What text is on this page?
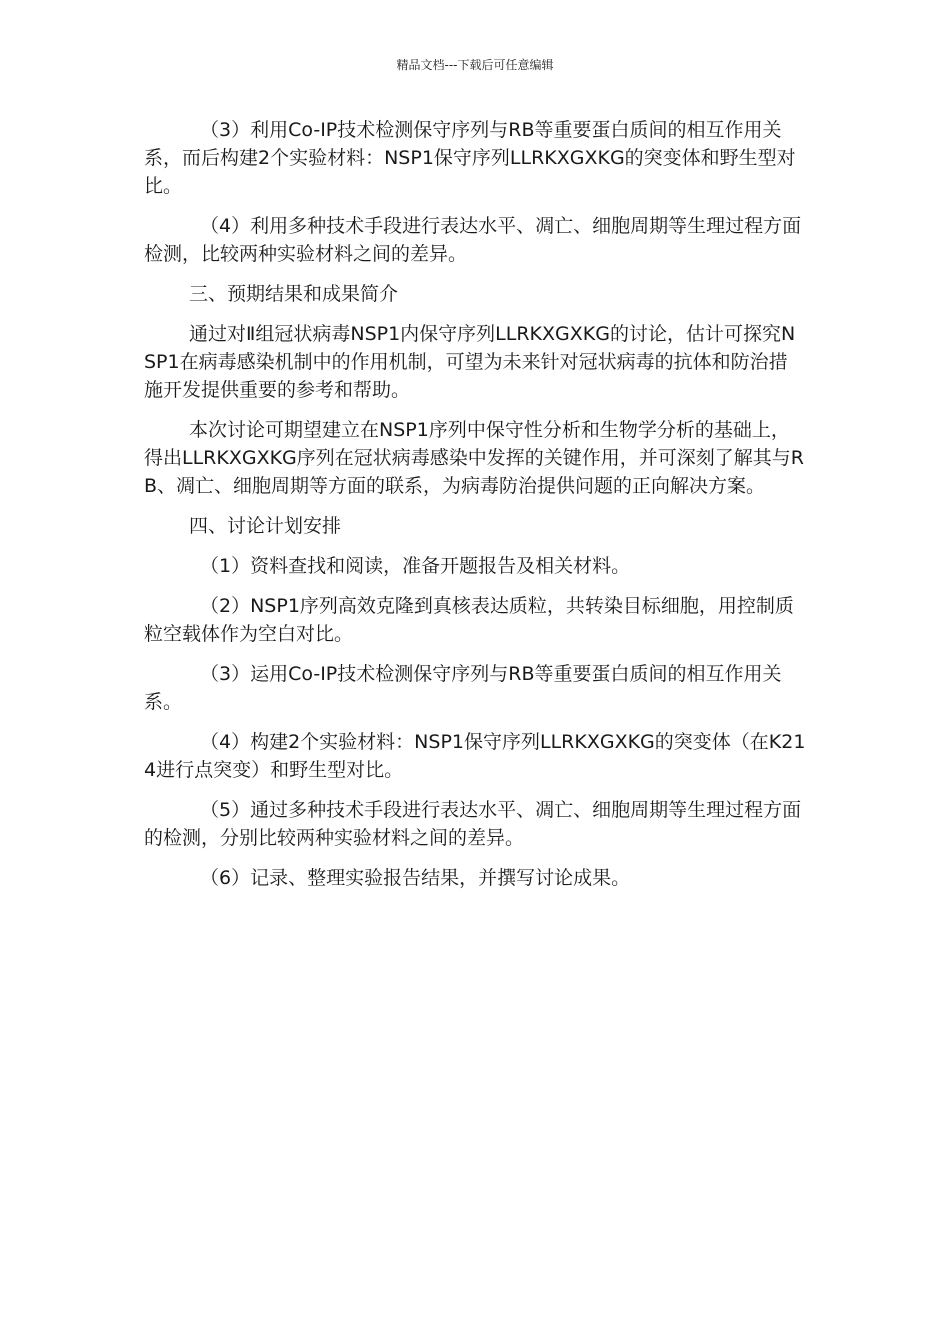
精品文档---下载后可任意编辑

（3）利用Co-IP技术检测保守序列与RB等重要蛋白质间的相互作用关系，而后构建2个实验材料：NSP1保守序列LLRKXGXKG的突变体和野生型对比。

（4）利用多种技术手段进行表达水平、凋亡、细胞周期等生理过程方面检测，比较两种实验材料之间的差异。

三、预期结果和成果简介

通过对Ⅱ组冠状病毒NSP1内保守序列LLRKXGXKG的讨论，估计可探究NSP1在病毒感染机制中的作用机制，可望为未来针对冠状病毒的抗体和防治措施开发提供重要的参考和帮助。

本次讨论可期望建立在NSP1序列中保守性分析和生物学分析的基础上，得出LLRKXGXKG序列在冠状病毒感染中发挥的关键作用，并可深刻了解其与RB、凋亡、细胞周期等方面的联系，为病毒防治提供问题的正向解决方案。

四、讨论计划安排

（1）资料查找和阅读，准备开题报告及相关材料。

（2）NSP1序列高效克隆到真核表达质粒，共转染目标细胞，用控制质粒空载体作为空白对比。

（3）运用Co-IP技术检测保守序列与RB等重要蛋白质间的相互作用关系。

（4）构建2个实验材料：NSP1保守序列LLRKXGXKG的突变体（在K214进行点突变）和野生型对比。

（5）通过多种技术手段进行表达水平、凋亡、细胞周期等生理过程方面的检测，分别比较两种实验材料之间的差异。

（6）记录、整理实验报告结果，并撰写讨论成果。
